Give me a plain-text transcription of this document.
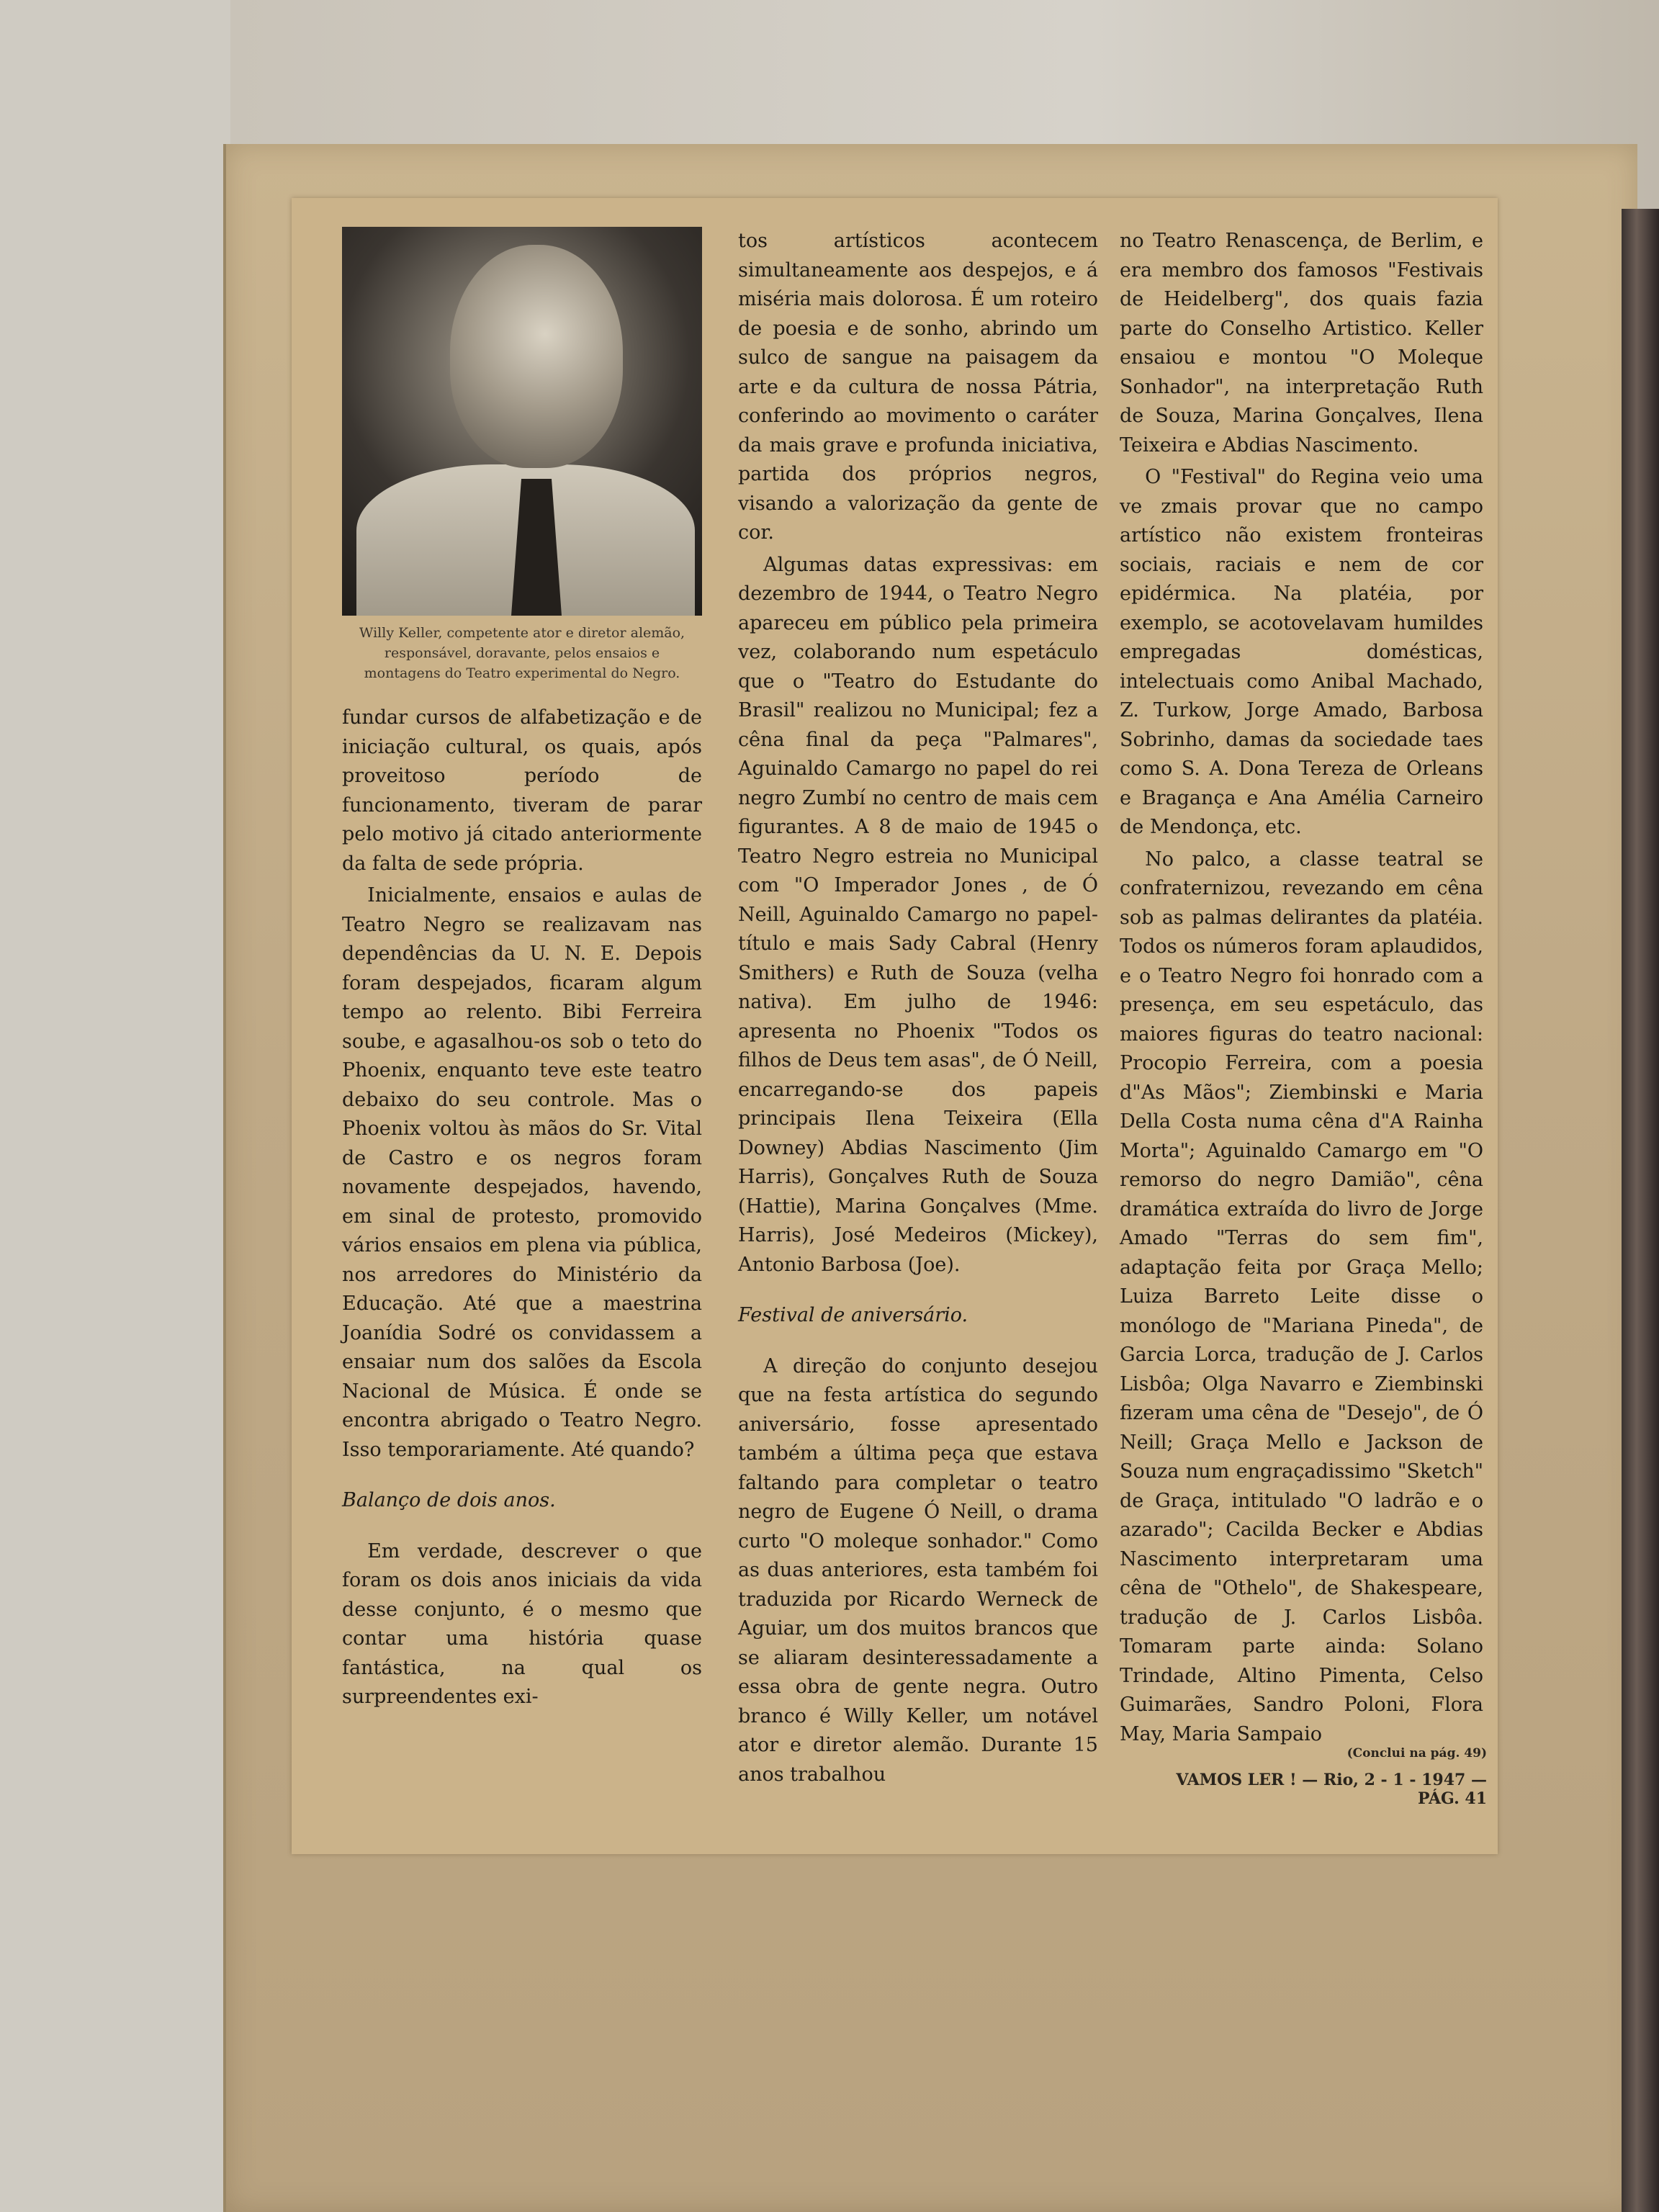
Willy Keller, competente ator e diretor alemão, responsável, doravante, pelos ensaios e montagens do Teatro experimental do Negro.

fundar cursos de alfabetização e de iniciação cultural, os quais, após proveitoso período de funcionamento, tiveram de parar pelo motivo já citado anteriormente da falta de sede própria.

Inicialmente, ensaios e aulas de Teatro Negro se realizavam nas dependências da U. N. E. Depois foram despejados, ficaram algum tempo ao relento. Bibi Ferreira soube, e agasalhou-os sob o teto do Phoenix, enquanto teve este teatro debaixo do seu controle. Mas o Phoenix voltou às mãos do Sr. Vital de Castro e os negros foram novamente despejados, havendo, em sinal de protesto, promovido vários ensaios em plena via pública, nos arredores do Ministério da Educação. Até que a maestrina Joanídia Sodré os convidassem a ensaiar num dos salões da Escola Nacional de Música. É onde se encontra abrigado o Teatro Negro. Isso temporariamente. Até quando?

Balanço de dois anos.

Em verdade, descrever o que foram os dois anos iniciais da vida desse conjunto, é o mesmo que contar uma história quase fantástica, na qual os surpreendentes exi-

tos artísticos acontecem simultaneamente aos despejos, e á miséria mais dolorosa. É um roteiro de poesia e de sonho, abrindo um sulco de sangue na paisagem da arte e da cultura de nossa Pátria, conferindo ao movimento o caráter da mais grave e profunda iniciativa, partida dos próprios negros, visando a valorização da gente de cor.

Algumas datas expressivas: em dezembro de 1944, o Teatro Negro apareceu em público pela primeira vez, colaborando num espetáculo que o "Teatro do Estudante do Brasil" realizou no Municipal; fez a cêna final da peça "Palmares", Aguinaldo Camargo no papel do rei negro Zumbí no centro de mais cem figurantes. A 8 de maio de 1945 o Teatro Negro estreia no Municipal com "O Imperador Jones , de Ó Neill, Aguinaldo Camargo no papel-título e mais Sady Cabral (Henry Smithers) e Ruth de Souza (velha nativa). Em julho de 1946: apresenta no Phoenix "Todos os filhos de Deus tem asas", de Ó Neill, encarregando-se dos papeis principais Ilena Teixeira (Ella Downey) Abdias Nascimento (Jim Harris), Gonçalves Ruth de Souza (Hattie), Marina Gonçalves (Mme. Harris), José Medeiros (Mickey), Antonio Barbosa (Joe).

Festival de aniversário.

A direção do conjunto desejou que na festa artística do segundo aniversário, fosse apresentado também a última peça que estava faltando para completar o teatro negro de Eugene Ó Neill, o drama curto "O moleque sonhador." Como as duas anteriores, esta também foi traduzida por Ricardo Werneck de Aguiar, um dos muitos brancos que se aliaram desinteressadamente a essa obra de gente negra. Outro branco é Willy Keller, um notável ator e diretor alemão. Durante 15 anos trabalhou

no Teatro Renascença, de Berlim, e era membro dos famosos "Festivais de Heidelberg", dos quais fazia parte do Conselho Artistico. Keller ensaiou e montou "O Moleque Sonhador", na interpretação Ruth de Souza, Marina Gonçalves, Ilena Teixeira e Abdias Nascimento.

O "Festival" do Regina veio uma ve zmais provar que no campo artístico não existem fronteiras sociais, raciais e nem de cor epidérmica. Na platéia, por exemplo, se acotovelavam humildes empregadas domésticas, intelectuais como Anibal Machado, Z. Turkow, Jorge Amado, Barbosa Sobrinho, damas da sociedade taes como S. A. Dona Tereza de Orleans e Bragança e Ana Amélia Carneiro de Mendonça, etc.

No palco, a classe teatral se confraternizou, revezando em cêna sob as palmas delirantes da platéia. Todos os números foram aplaudidos, e o Teatro Negro foi honrado com a presença, em seu espetáculo, das maiores figuras do teatro nacional: Procopio Ferreira, com a poesia d"As Mãos"; Ziembinski e Maria Della Costa numa cêna d"A Rainha Morta"; Aguinaldo Camargo em "O remorso do negro Damião", cêna dramática extraída do livro de Jorge Amado "Terras do sem fim", adaptação feita por Graça Mello; Luiza Barreto Leite disse o monólogo de "Mariana Pineda", de Garcia Lorca, tradução de J. Carlos Lisbôa; Olga Navarro e Ziembinski fizeram uma cêna de "Desejo", de Ó Neill; Graça Mello e Jackson de Souza num engraçadissimo "Sketch" de Graça, intitulado "O ladrão e o azarado"; Cacilda Becker e Abdias Nascimento interpretaram uma cêna de "Othelo", de Shakespeare, tradução de J. Carlos Lisbôa. Tomaram parte ainda: Solano Trindade, Altino Pimenta, Celso Guimarães, Sandro Poloni, Flora May, Maria Sampaio

(Conclui na pág. 49)
VAMOS LER ! — Rio, 2 - 1 - 1947 — PÁG. 41
